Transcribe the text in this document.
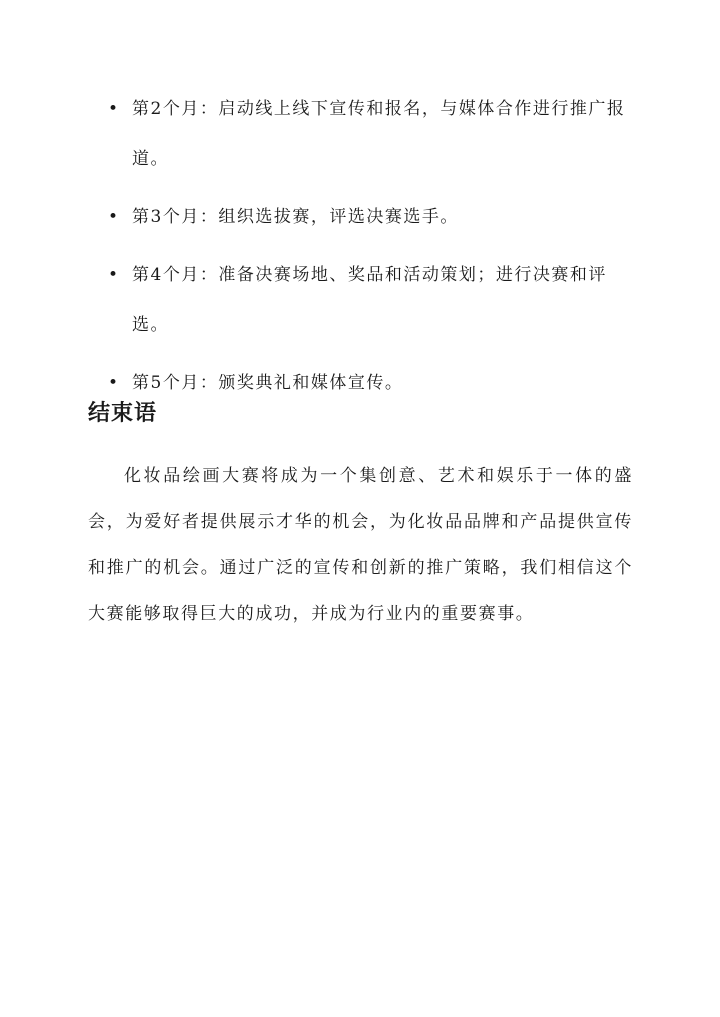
• 第2个月：启动线上线下宣传和报名，与媒体合作进行推广报道。
• 第3个月：组织选拔赛，评选决赛选手。
• 第4个月：准备决赛场地、奖品和活动策划；进行决赛和评选。
• 第5个月：颁奖典礼和媒体宣传。
结束语

化妆品绘画大赛将成为一个集创意、艺术和娱乐于一体的盛会，为爱好者提供展示才华的机会，为化妆品品牌和产品提供宣传和推广的机会。通过广泛的宣传和创新的推广策略，我们相信这个大赛能够取得巨大的成功，并成为行业内的重要赛事。
